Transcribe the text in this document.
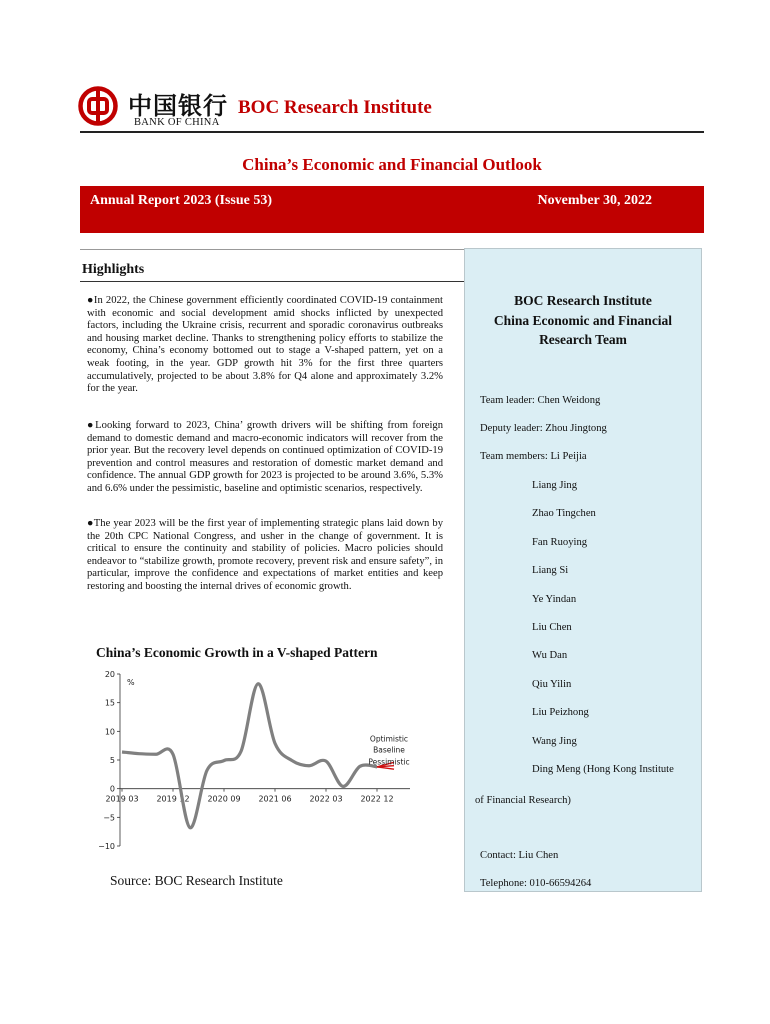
中国银行
BANK OF CHINA
BOC Research Institute
China’s Economic and Financial Outlook
Annual Report 2023 (Issue 53)	November 30, 2022
Highlights
●In 2022, the Chinese government efficiently coordinated COVID-19 containment with economic and social development amid shocks inflicted by unexpected factors, including the Ukraine crisis, recurrent and sporadic coronavirus outbreaks and housing market decline. Thanks to strengthening policy efforts to stabilize the economy, China’s economy bottomed out to stage a V-shaped pattern, yet on a weak footing, in the year. GDP growth hit 3% for the first three quarters accumulatively, projected to be about 3.8% for Q4 alone and approximately 3.2% for the year.
●Looking forward to 2023, China’ growth drivers will be shifting from foreign demand to domestic demand and macro-economic indicators will recover from the prior year. But the recovery level depends on continued optimization of COVID-19 prevention and control measures and restoration of domestic market demand and confidence. The annual GDP growth for 2023 is projected to be around 3.6%, 5.3% and 6.6% under the pessimistic, baseline and optimistic scenarios, respectively.
●The year 2023 will be the first year of implementing strategic plans laid down by the 20th CPC National Congress, and usher in the change of government. It is critical to ensure the continuity and stability of policies. Macro policies should endeavor to “stabilize growth, promote recovery, prevent risk and ensure safety”, in particular, improve the confidence and expectations of market entities and keep restoring and boosting the internal drives of economic growth.
China’s Economic Growth in a V-shaped Pattern
−10
−5
0
5
10
15
20
2019 03 2019 12 2020 09 2021 06 2022 03 2022 12
%
Optimistic
Baseline
Pessimistic
Source: BOC Research Institute
BOC Research Institute
China Economic and Financial
Research Team
Team leader: Chen Weidong
Deputy leader: Zhou Jingtong
Team members: Li Peijia
Liang Jing
Zhao Tingchen
Fan Ruoying
Liang Si
Ye Yindan
Liu Chen
Wu Dan
Qiu Yilin
Liu Peizhong
Wang Jing
Ding Meng (Hong Kong Institute
of Financial Research)
Contact: Liu Chen
Telephone: 010-66594264
